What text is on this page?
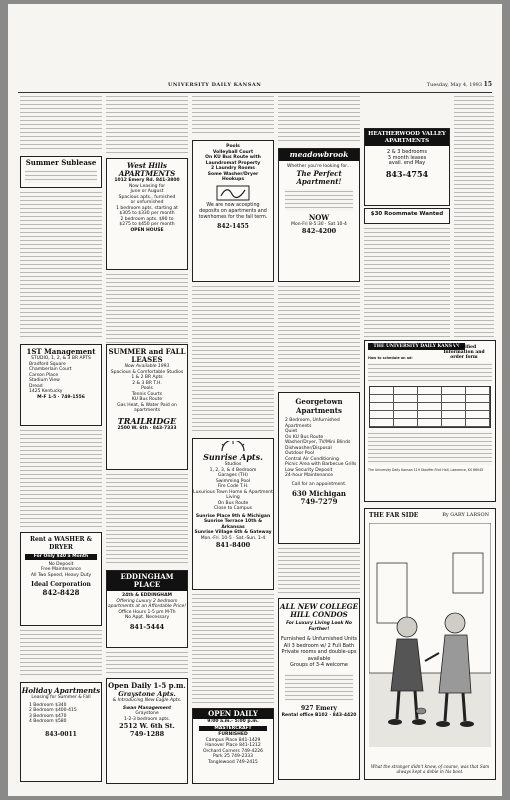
Tuesday, May 4, 1993
UNIVERSITY DAILY KANSAN	15
Summer Sublease
1ST Management
STUDIO, 1, 2, & 3 BR APTS
Bradford Square
Chamberlain Court
Carson Place
Stadium View
Dread
1425 Kentucky
M-F 1-5 · 749-1556
Rent a WASHER & DRYER
For Only $40 a Month
No Deposit
Free Maintenance
All Two Speed, Heavy Duty
Ideal Corporation
842-8428
Holiday Apartments
Leasing for Summer & Fall
1 Bedroom $340
2 Bedroom $400-415
3 Bedroom $470
4 Bedroom $580
843-0011
West Hills APARTMENTS
1012 Emery Rd. 841-3800
Now Leasing for
June or August
Spacious apts., furnished
or unfurnished
1 bedroom apts. starting at
$305 to $330 per month
2 bedroom apts. $90 to
$275 to $450 per month
OPEN HOUSE
SUMMER and FALL LEASES
Now Available 1993
Spacious & Comfortable Studios
1 & 2 BR Apts
2 & 3 BR T.H.
Pools
Tennis Courts
KU Bus Route
Gas Heat, & Water Paid on apartments
TRAILRIDGE
2500 W. 6th · 843-7333
EDDINGHAM PLACE
24th & EDDINGHAM
Offering Luxury 2 bedroom apartments at an Affordable Price!
Office Hours 1-5 pm M-Th
No Appt. Necessary
841-5444
Open Daily 1-5 p.m.
Graystone Apts.
& Introducing New Eagle Apts.
Swan Management
Graystone
1-2-3 bedroom apts.
2512 W. 6th St.
749-1288
Pools
Volleyball Court
On KU Bus Route with
Laundromat Property
2 Laundry Rooms
Some Washer/Dryer
Hookups
We are now accepting deposits on apartments and townhomes for the fall term.
842-1455
Sunrise Apts.
Studios
1, 2, 3, & 4 Bedroom
Garages (TH)
Swimming Pool
Fire Code T.H.
Luxurious Town Home & Apartment Living
On Bus Route
Close to Campus
Sunrise Place 9th & Michigan
Sunrise Terrace 10th & Arkansas
Sunrise Village 6th & Gateway
Mon.-Fri. 10-5 · Sat.-Sun. 1-4
841-8400
OPEN DAILY
9:00 a.m.- 5:00 p.m.
MASTERCRAFT
FURNISHED
Campus Place 841-1429
Hanover Place 841-1212
Orchard Corners 749-4226
Park 25 749-2333
Tanglewood 749-2415
meadowbrook
Whether you're looking for...
The Perfect Apartment!
NOW
Mon-Fri 8-5:30 · Sat 10-4
842-4200
Georgetown Apartments
2 Bedroom, Unfurnished Apartments
Quiet
On KU Bus Route
Washer/Dryer, TV/Mini Blinds
Dishwasher/Disposal
Outdoor Pool
Central Air Conditioning
Picnic Area with Barbecue Grills
Low Security Deposit
24-hour Maintenance
Call for an appointment.
630 Michigan
749-7279
HEATHERWOOD VALLEY APARTMENTS
2 & 3 bedrooms
3 month leases
avail. end May
843-4754
$30 Roommate Wanted
THE UNIVERSITY DAILY KANSAN
Classified Information and order form
How to schedule an ad:
The University Daily Kansan 119 Stauffer-Flint Hall, Lawrence, KS 66045
THE FAR SIDE	By GARY LARSON
What the stranger didn't know, of course, was that Sam always kept a dobie in his boot.
ALL NEW COLLEGE HILL CONDOS
For Luxury Living Look No Further!
Furnished & Unfurnished Units
All 3 bedroom w/ 2 Full Bath
Private rooms and double-ups available
Groups of 3-4 welcome
927 Emery
Rental office B102 · 843-4420
